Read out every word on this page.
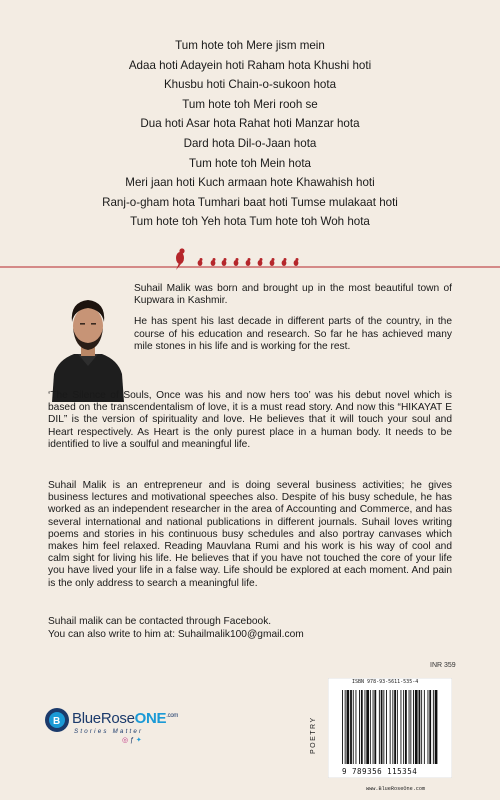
Tum hote toh Mere jism mein

Adaa hoti Adayein hoti Raham hota Khushi hoti

Khusbu hoti Chain-o-sukoon hota

Tum hote toh Meri rooh se

Dua hoti Asar hota Rahat hoti Manzar hota

Dard hota Dil-o-Jaan hota

Tum hote toh Mein hota

Meri jaan hoti Kuch armaan hote Khawahish hoti

Ranj-o-gham hota Tumhari baat hoti Tumse mulakaat hoti

Tum hote toh Yeh hota Tum hote toh Woh hota

Suhail Malik was born and brought up in the most beautiful town of Kupwara in Kashmir.

He has spent his last decade in different parts of the country, in the course of his education and research. So far he has achieved many mile stones in his life and is working for the rest.

‘The Silence of Souls, Once was his and now hers too’ was his debut novel which is based on the transcendentalism of love, it is a must read story. And now this “HIKAYAT E DIL” is the version of spirituality and love. He believes that it will touch your soul and Heart respectively. As Heart is the only purest place in a human body. It needs to be identified to live a soulful and meaningful life.

Suhail Malik is an entrepreneur and is doing several business activities; he gives business lectures and motivational speeches also. Despite of his busy schedule, he has worked as an independent researcher in the area of Accounting and Commerce, and has several international and national publications in different journals. Suhail loves writing poems and stories in his continuous busy schedules and also portray canvases which makes him feel relaxed. Reading Mauvlana Rumi and his work is his way of cool and calm sight for living his life. He believes that if you have not touched the core of your life you have lived your life in a false way. Life should be explored at each moment. And pain is the only address to search a meaningful life.

Suhail malik can be contacted through Facebook.
You can also write to him at: Suhailmalik100@gmail.com
B BlueRoseONE$^{.com}$
Stories Matter
◎ ƒ ✦
INR 359
POETRY
ISBN 978-93-5611-535-4
9 789356 115354
www.BlueRoseOne.com
